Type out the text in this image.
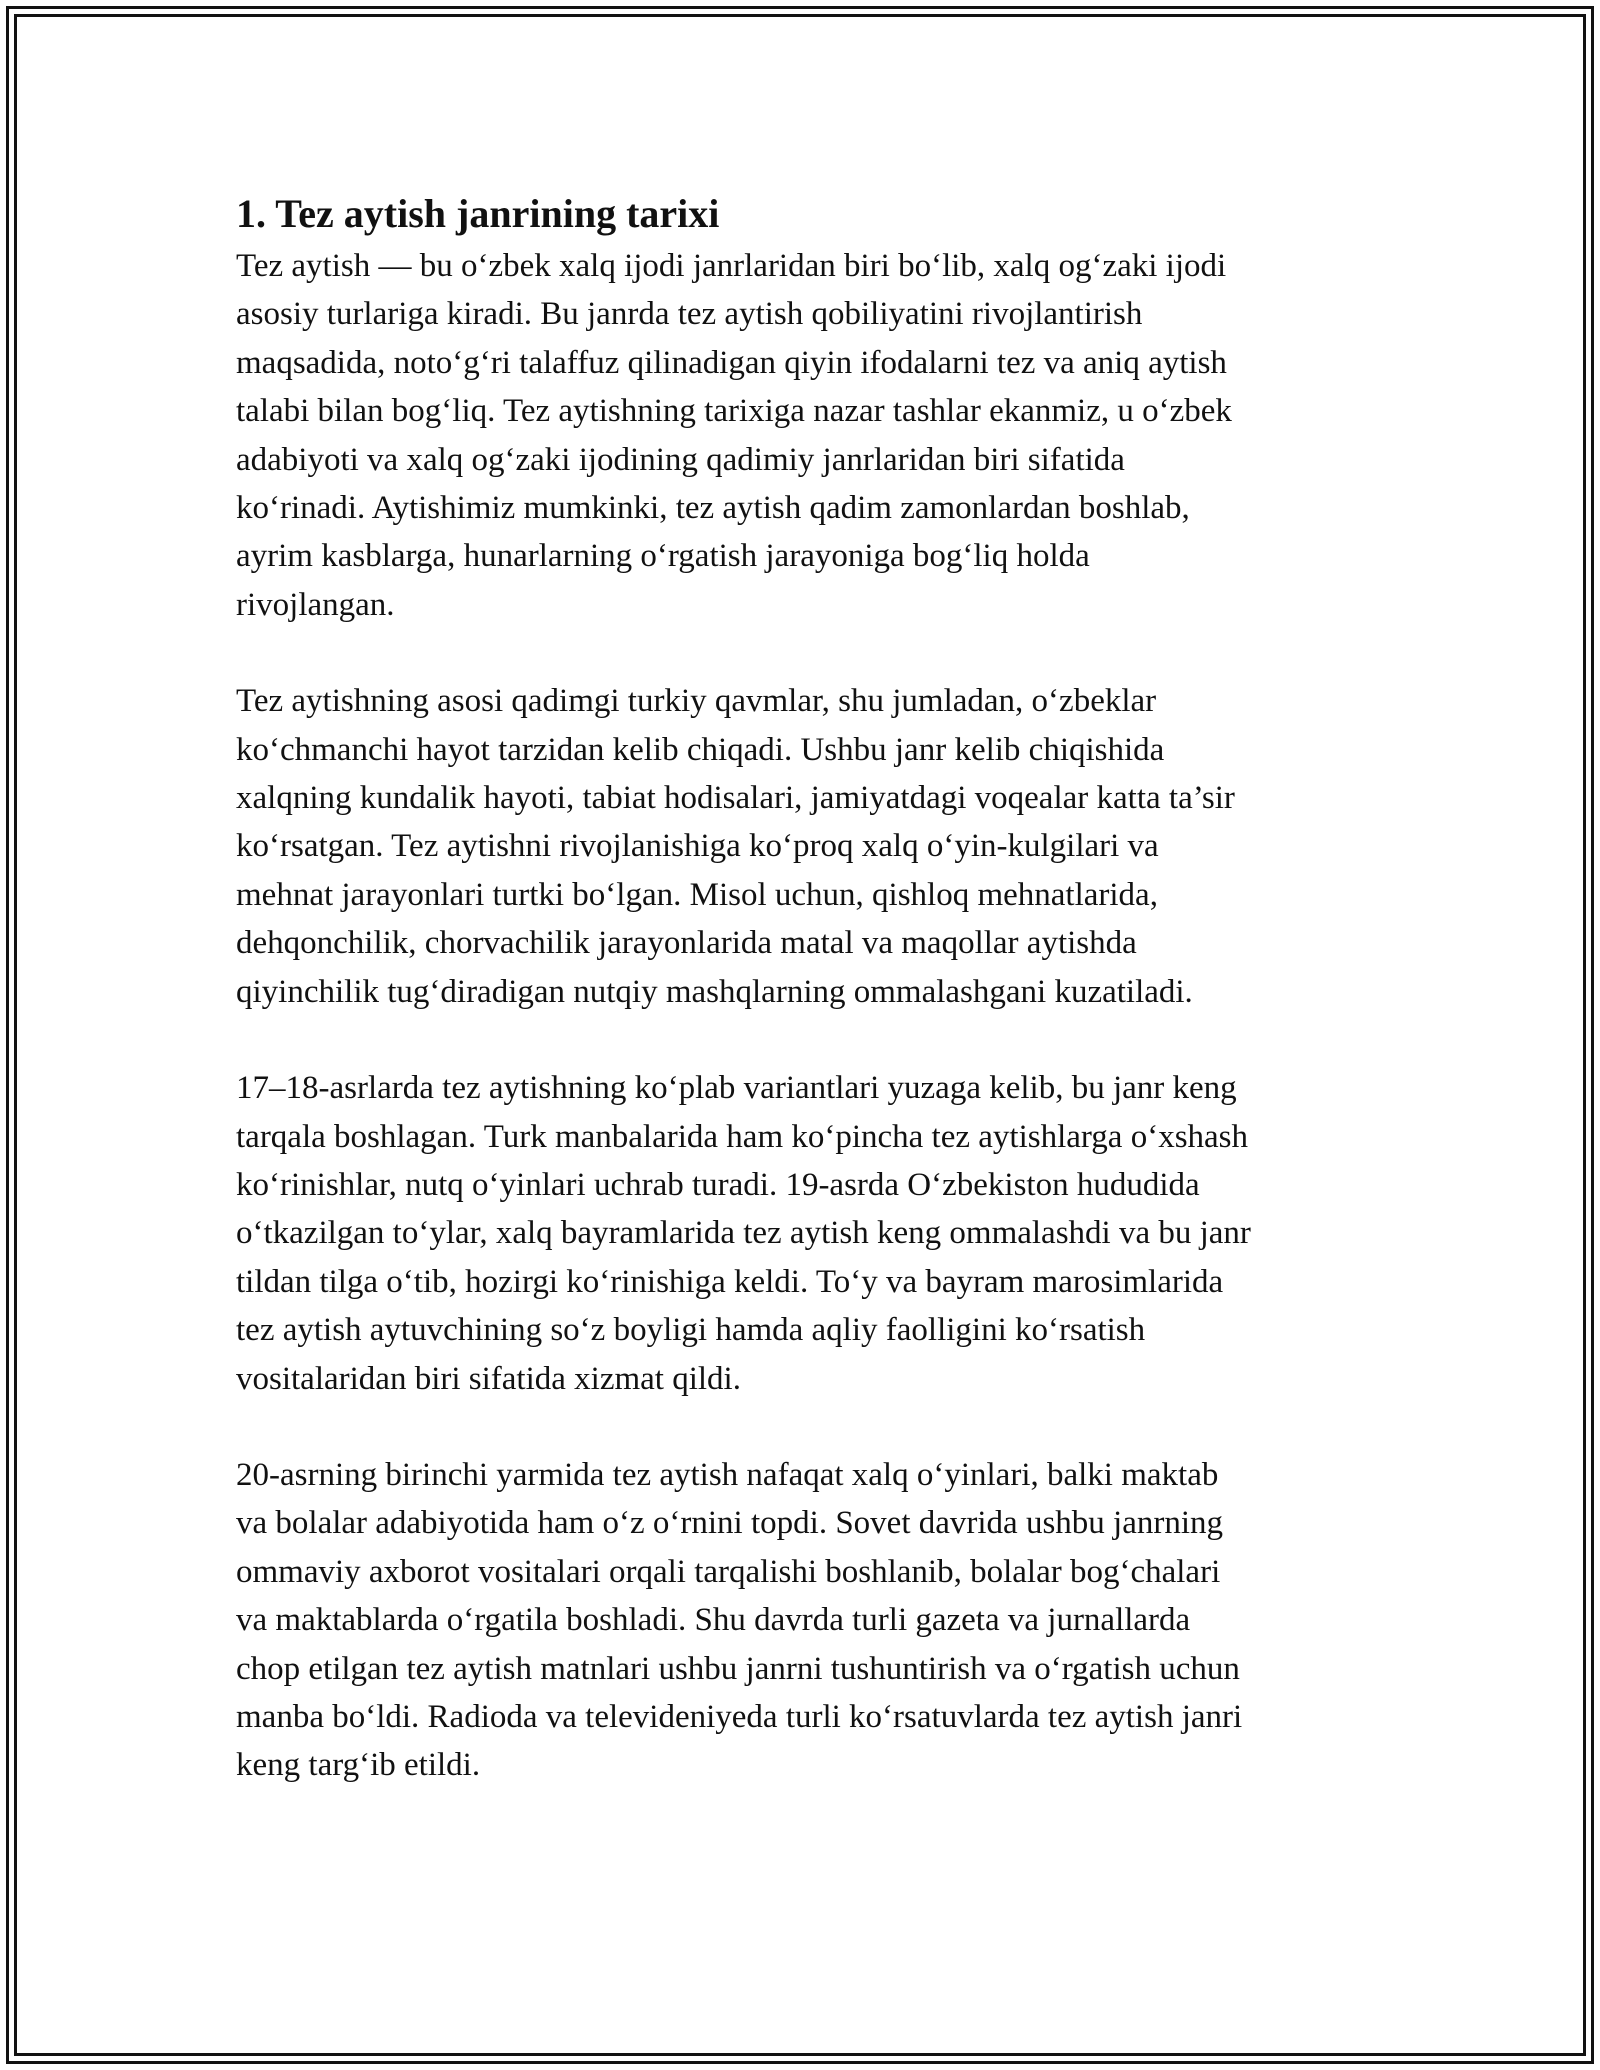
1. Tez aytish janrining tarixi

Tez aytish — bu oʻzbek xalq ijodi janrlaridan biri boʻlib, xalq ogʻzaki ijodi
asosiy turlariga kiradi. Bu janrda tez aytish qobiliyatini rivojlantirish
maqsadida, notoʻgʻri talaffuz qilinadigan qiyin ifodalarni tez va aniq aytish
talabi bilan bogʻliq. Tez aytishning tarixiga nazar tashlar ekanmiz, u oʻzbek
adabiyoti va xalq ogʻzaki ijodining qadimiy janrlaridan biri sifatida
koʻrinadi. Aytishimiz mumkinki, tez aytish qadim zamonlardan boshlab,
ayrim kasblarga, hunarlarning oʻrgatish jarayoniga bogʻliq holda
rivojlangan.

Tez aytishning asosi qadimgi turkiy qavmlar, shu jumladan, oʻzbeklar
koʻchmanchi hayot tarzidan kelib chiqadi. Ushbu janr kelib chiqishida
xalqning kundalik hayoti, tabiat hodisalari, jamiyatdagi voqealar katta ta’sir
koʻrsatgan. Tez aytishni rivojlanishiga koʻproq xalq oʻyin-kulgilari va
mehnat jarayonlari turtki boʻlgan. Misol uchun, qishloq mehnatlarida,
dehqonchilik, chorvachilik jarayonlarida matal va maqollar aytishda
qiyinchilik tugʻdiradigan nutqiy mashqlarning ommalashgani kuzatiladi.

17–18-asrlarda tez aytishning koʻplab variantlari yuzaga kelib, bu janr keng
tarqala boshlagan. Turk manbalarida ham koʻpincha tez aytishlarga oʻxshash
koʻrinishlar, nutq oʻyinlari uchrab turadi. 19-asrda Oʻzbekiston hududida
oʻtkazilgan toʻylar, xalq bayramlarida tez aytish keng ommalashdi va bu janr
tildan tilga oʻtib, hozirgi koʻrinishiga keldi. Toʻy va bayram marosimlarida
tez aytish aytuvchining soʻz boyligi hamda aqliy faolligini koʻrsatish
vositalaridan biri sifatida xizmat qildi.

20-asrning birinchi yarmida tez aytish nafaqat xalq oʻyinlari, balki maktab
va bolalar adabiyotida ham oʻz oʻrnini topdi. Sovet davrida ushbu janrning
ommaviy axborot vositalari orqali tarqalishi boshlanib, bolalar bogʻchalari
va maktablarda oʻrgatila boshladi. Shu davrda turli gazeta va jurnallarda
chop etilgan tez aytish matnlari ushbu janrni tushuntirish va oʻrgatish uchun
manba boʻldi. Radioda va televideniyeda turli koʻrsatuvlarda tez aytish janri
keng targʻib etildi.
